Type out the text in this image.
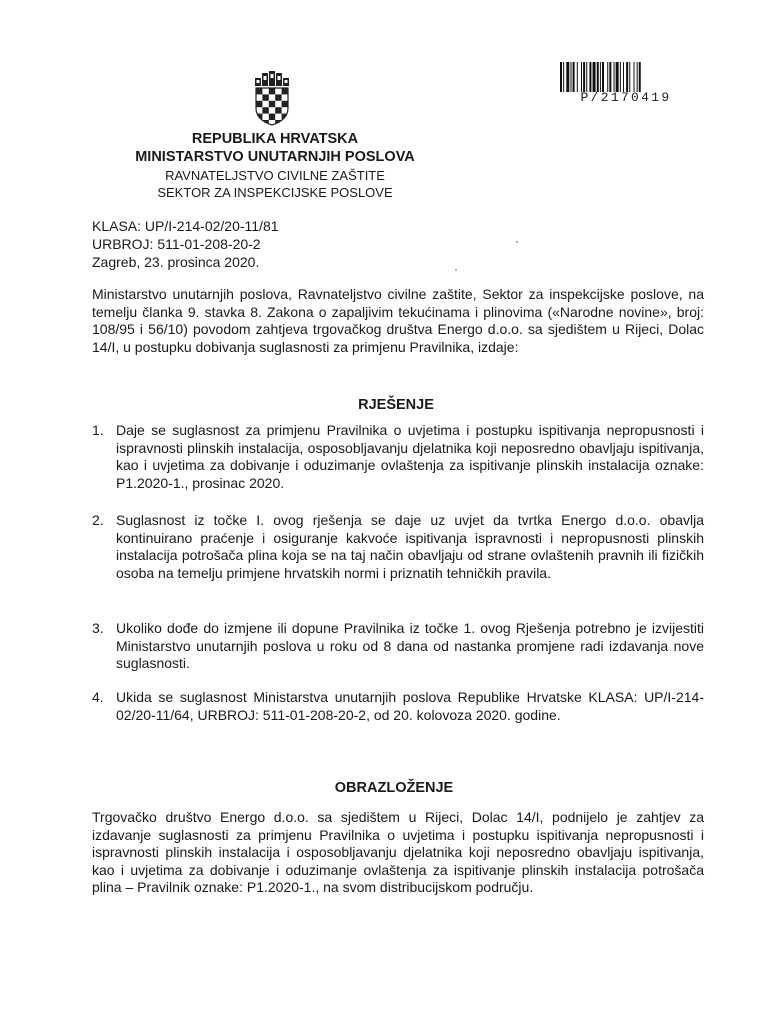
P/2170419
REPUBLIKA HRVATSKA
MINISTARSTVO UNUTARNJIH POSLOVA
RAVNATELJSTVO CIVILNE ZAŠTITE
SEKTOR ZA INSPEKCIJSKE POSLOVE
KLASA: UP/I-214-02/20-11/81
URBROJ: 511-01-208-20-2
Zagreb, 23. prosinca 2020.
Ministarstvo unutarnjih poslova, Ravnateljstvo civilne zaštite, Sektor za inspekcijske poslove, na temelju članka 9. stavka 8. Zakona o zapaljivim tekućinama i plinovima («Narodne novine», broj: 108/95 i 56/10) povodom zahtjeva trgovačkog društva Energo d.o.o. sa sjedištem u Rijeci, Dolac 14/I, u postupku dobivanja suglasnosti za primjenu Pravilnika, izdaje:
RJEŠENJE
1. Daje se suglasnost za primjenu Pravilnika o uvjetima i postupku ispitivanja nepropusnosti i ispravnosti plinskih instalacija, osposobljavanju djelatnika koji neposredno obavljaju ispitivanja, kao i uvjetima za dobivanje i oduzimanje ovlaštenja za ispitivanje plinskih instalacija oznake: P1.2020-1., prosinac 2020.
2. Suglasnost iz točke I. ovog rješenja se daje uz uvjet da tvrtka Energo d.o.o. obavlja kontinuirano praćenje i osiguranje kakvoće ispitivanja ispravnosti i nepropusnosti plinskih instalacija potrošača plina koja se na taj način obavljaju od strane ovlaštenih pravnih ili fizičkih osoba na temelju primjene hrvatskih normi i priznatih tehničkih pravila.
3. Ukoliko dođe do izmjene ili dopune Pravilnika iz točke 1. ovog Rješenja potrebno je izvijestiti Ministarstvo unutarnjih poslova u roku od 8 dana od nastanka promjene radi izdavanja nove suglasnosti.
4. Ukida se suglasnost Ministarstva unutarnjih poslova Republike Hrvatske KLASA: UP/I-214-02/20-11/64, URBROJ: 511-01-208-20-2, od 20. kolovoza 2020. godine.
OBRAZLOŽENJE
Trgovačko društvo Energo d.o.o. sa sjedištem u Rijeci, Dolac 14/I, podnijelo je zahtjev za izdavanje suglasnosti za primjenu Pravilnika o uvjetima i postupku ispitivanja nepropusnosti i ispravnosti plinskih instalacija i osposobljavanju djelatnika koji neposredno obavljaju ispitivanja, kao i uvjetima za dobivanje i oduzimanje ovlaštenja za ispitivanje plinskih instalacija potrošača plina – Pravilnik oznake: P1.2020-1., na svom distribucijskom području.
